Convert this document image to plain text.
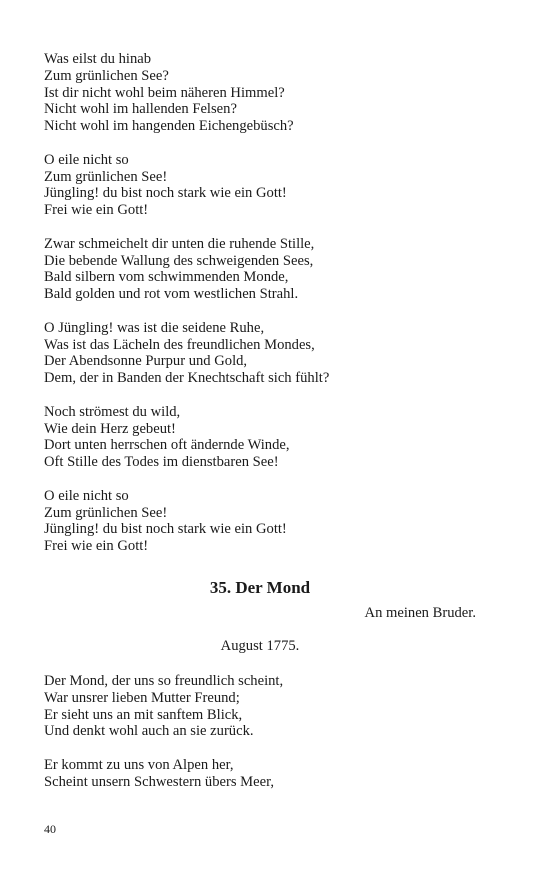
Was eilst du hinab
Zum grünlichen See?
Ist dir nicht wohl beim näheren Himmel?
Nicht wohl im hallenden Felsen?
Nicht wohl im hangenden Eichengebüsch?
O eile nicht so
Zum grünlichen See!
Jüngling! du bist noch stark wie ein Gott!
Frei wie ein Gott!
Zwar schmeichelt dir unten die ruhende Stille,
Die bebende Wallung des schweigenden Sees,
Bald silbern vom schwimmenden Monde,
Bald golden und rot vom westlichen Strahl.
O Jüngling! was ist die seidene Ruhe,
Was ist das Lächeln des freundlichen Mondes,
Der Abendsonne Purpur und Gold,
Dem, der in Banden der Knechtschaft sich fühlt?
Noch strömest du wild,
Wie dein Herz gebeut!
Dort unten herrschen oft ändernde Winde,
Oft Stille des Todes im dienstbaren See!
O eile nicht so
Zum grünlichen See!
Jüngling! du bist noch stark wie ein Gott!
Frei wie ein Gott!
35. Der Mond
An meinen Bruder.
August 1775.
Der Mond, der uns so freundlich scheint,
War unsrer lieben Mutter Freund;
Er sieht uns an mit sanftem Blick,
Und denkt wohl auch an sie zurück.
Er kommt zu uns von Alpen her,
Scheint unsern Schwestern übers Meer,
40
